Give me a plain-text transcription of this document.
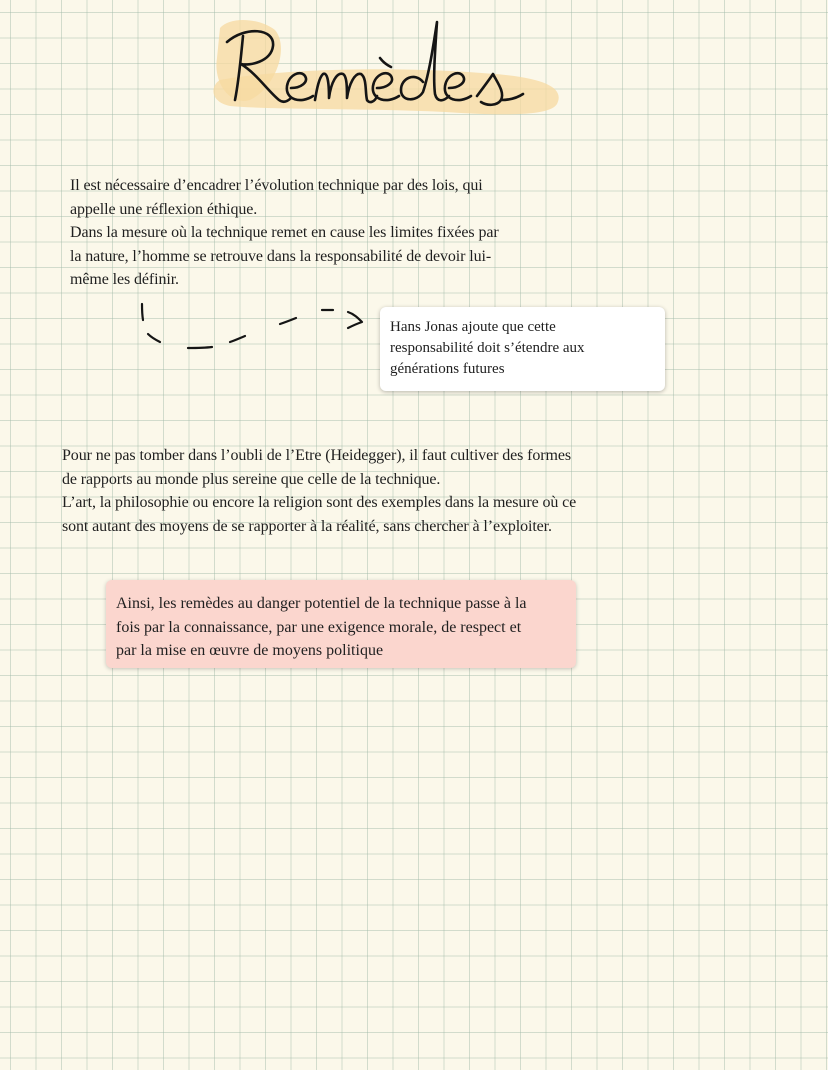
Il est nécessaire d’encadrer l’évolution technique par des lois, qui

appelle une réflexion éthique.

Dans la mesure où la technique remet en cause les limites fixées par

la nature, l’homme se retrouve dans la responsabilité de devoir lui-

même les définir.

Hans Jonas ajoute que cette

responsabilité doit s’étendre aux

générations futures

Pour ne pas tomber dans l’oubli de l’Etre (Heidegger), il faut cultiver des formes

de rapports au monde plus sereine que celle de la technique.

L’art, la philosophie ou encore la religion sont des exemples dans la mesure où ce

sont autant des moyens de se rapporter à la réalité, sans chercher à l’exploiter.

Ainsi, les remèdes au danger potentiel de la technique passe à la

fois par la connaissance, par une exigence morale, de respect et

par la mise en œuvre de moyens politique
